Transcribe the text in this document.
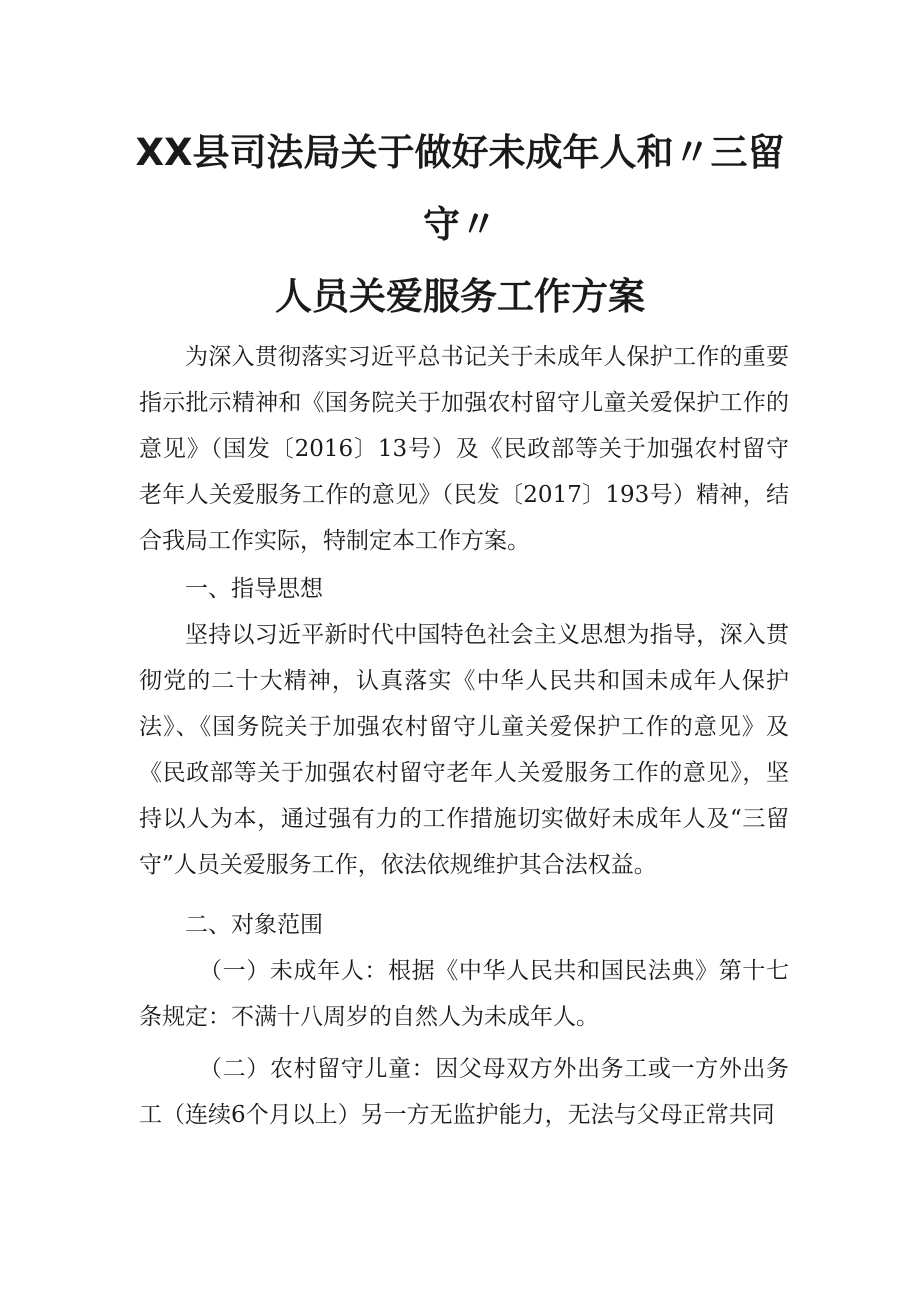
XX县司法局关于做好未成年人和〃三留
守〃
人员关爱服务工作方案

为深入贯彻落实习近平总书记关于未成年人保护工作的重要指示批示精神和《国务院关于加强农村留守儿童关爱保护工作的意见》（国发〔2016〕13号）及《民政部等关于加强农村留守老年人关爱服务工作的意见》（民发〔2017〕193号）精神，结合我局工作实际，特制定本工作方案。

一、指导思想

坚持以习近平新时代中国特色社会主义思想为指导，深入贯彻党的二十大精神，认真落实《中华人民共和国未成年人保护法》、《国务院关于加强农村留守儿童关爱保护工作的意见》及《民政部等关于加强农村留守老年人关爱服务工作的意见》，坚持以人为本，通过强有力的工作措施切实做好未成年人及“三留守”人员关爱服务工作，依法依规维护其合法权益。

二、对象范围

（一）未成年人：根据《中华人民共和国民法典》第十七条规定：不满十八周岁的自然人为未成年人。

（二）农村留守儿童：因父母双方外出务工或一方外出务工（连续6个月以上）另一方无监护能力，无法与父母正常共同
